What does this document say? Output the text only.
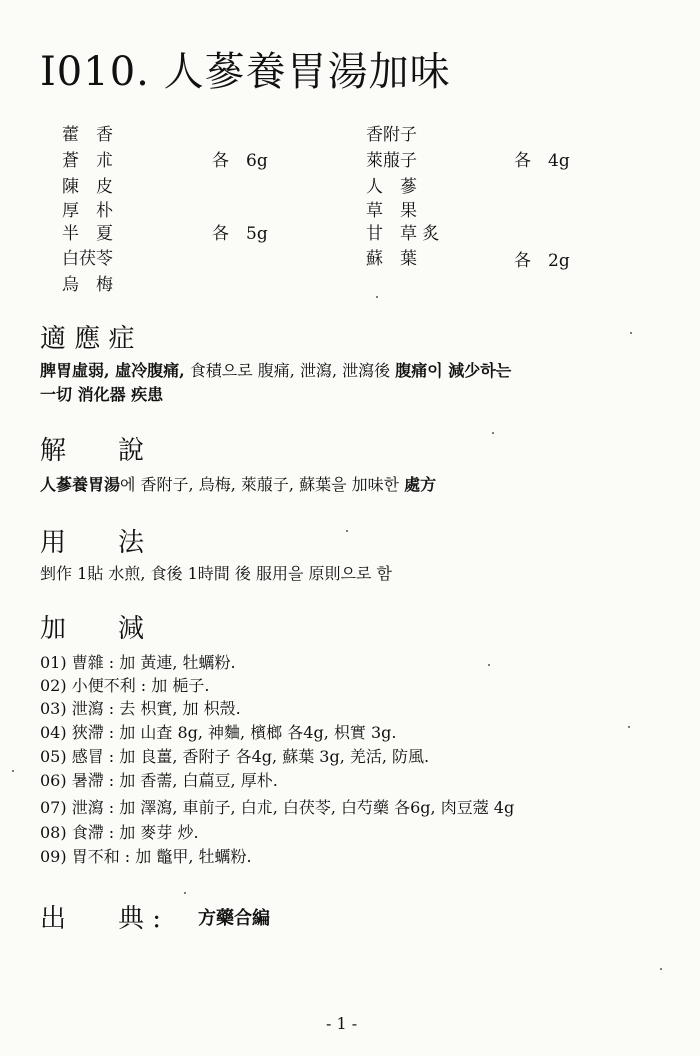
I010. 人蔘養胃湯加味
藿　香
蒼　朮
陳　皮
厚　朴
半　夏
白茯苓
烏　梅
各　6g
各　5g
香附子
萊菔子
人　蔘
草　果
甘　草 炙
蘇　葉
各　4g
各　2g
適 應 症
脾胃虛弱, 虛冷腹痛, 食積으로 腹痛, 泄瀉, 泄瀉後 腹痛이 減少하는
一切 消化器 疾患
解　　說
人蔘養胃湯에 香附子, 烏梅, 萊菔子, 蘇葉을 加味한 處方
用　　法
剉作 1貼 水煎, 食後 1時間 後 服用을 原則으로 함
加　　減
01) 曹雜 : 加 黃連, 牡蠣粉.
02) 小便不利 : 加 梔子.
03) 泄瀉 : 去 枳實, 加 枳殼.
04) 狹滯 : 加 山査 8g, 神麯, 檳榔 各4g, 枳實 3g.
05) 感冒 : 加 良薑, 香附子 各4g, 蘇葉 3g, 羌活, 防風.
06) 暑滯 : 加 香薷, 白萹豆, 厚朴.
07) 泄瀉 : 加 澤瀉, 車前子, 白朮, 白茯苓, 白芍藥 各6g, 肉豆蔲 4g
08) 食滯 : 加 麥芽 炒.
09) 胃不和 : 加 鼈甲, 牡蠣粉.
出　　典 : 方藥合編
- 1 -
